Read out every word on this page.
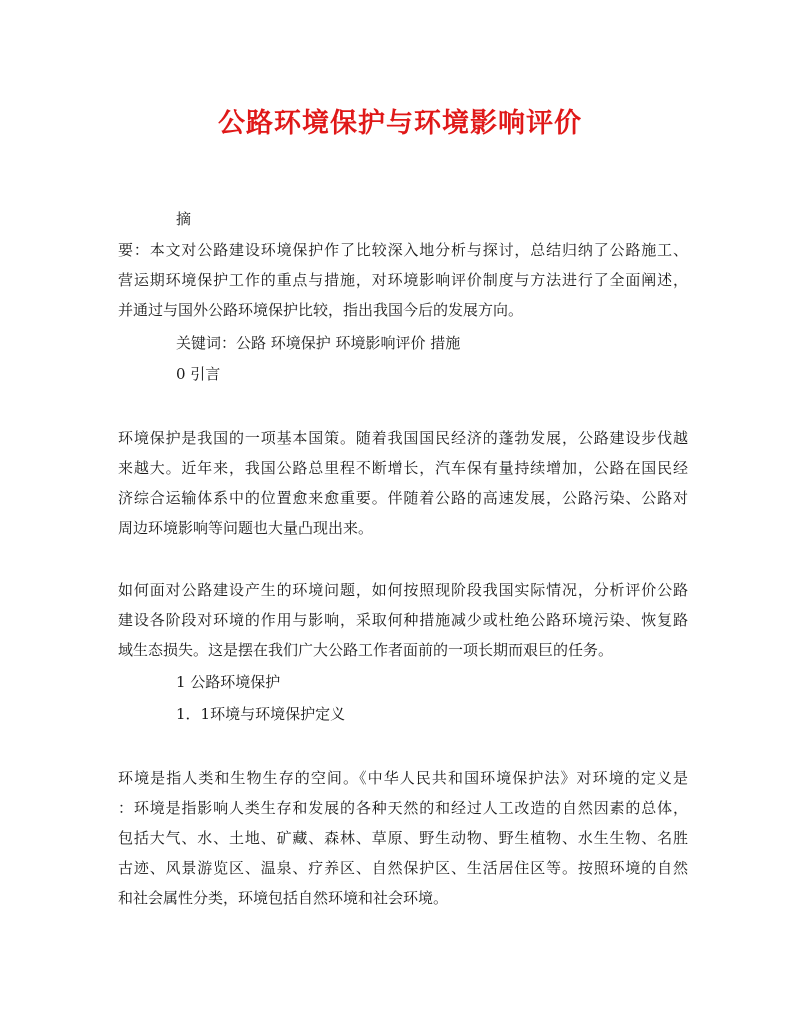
公路环境保护与环境影响评价
摘
要：本文对公路建设环境保护作了比较深入地分析与探讨，总结归纳了公路施工、
营运期环境保护工作的重点与措施，对环境影响评价制度与方法进行了全面阐述，
并通过与国外公路环境保护比较，指出我国今后的发展方向。
关键词：公路 环境保护 环境影响评价 措施
0 引言
环境保护是我国的一项基本国策。随着我国国民经济的蓬勃发展，公路建设步伐越
来越大。近年来，我国公路总里程不断增长，汽车保有量持续增加，公路在国民经
济综合运输体系中的位置愈来愈重要。伴随着公路的高速发展，公路污染、公路对
周边环境影响等问题也大量凸现出来。
如何面对公路建设产生的环境问题，如何按照现阶段我国实际情况，分析评价公路
建设各阶段对环境的作用与影响，采取何种措施减少或杜绝公路环境污染、恢复路
域生态损失。这是摆在我们广大公路工作者面前的一项长期而艰巨的任务。
1 公路环境保护
1．1环境与环境保护定义
环境是指人类和生物生存的空间。《中华人民共和国环境保护法》对环境的定义是
：环境是指影响人类生存和发展的各种天然的和经过人工改造的自然因素的总体，
包括大气、水、土地、矿藏、森林、草原、野生动物、野生植物、水生生物、名胜
古迹、风景游览区、温泉、疗养区、自然保护区、生活居住区等。按照环境的自然
和社会属性分类，环境包括自然环境和社会环境。
